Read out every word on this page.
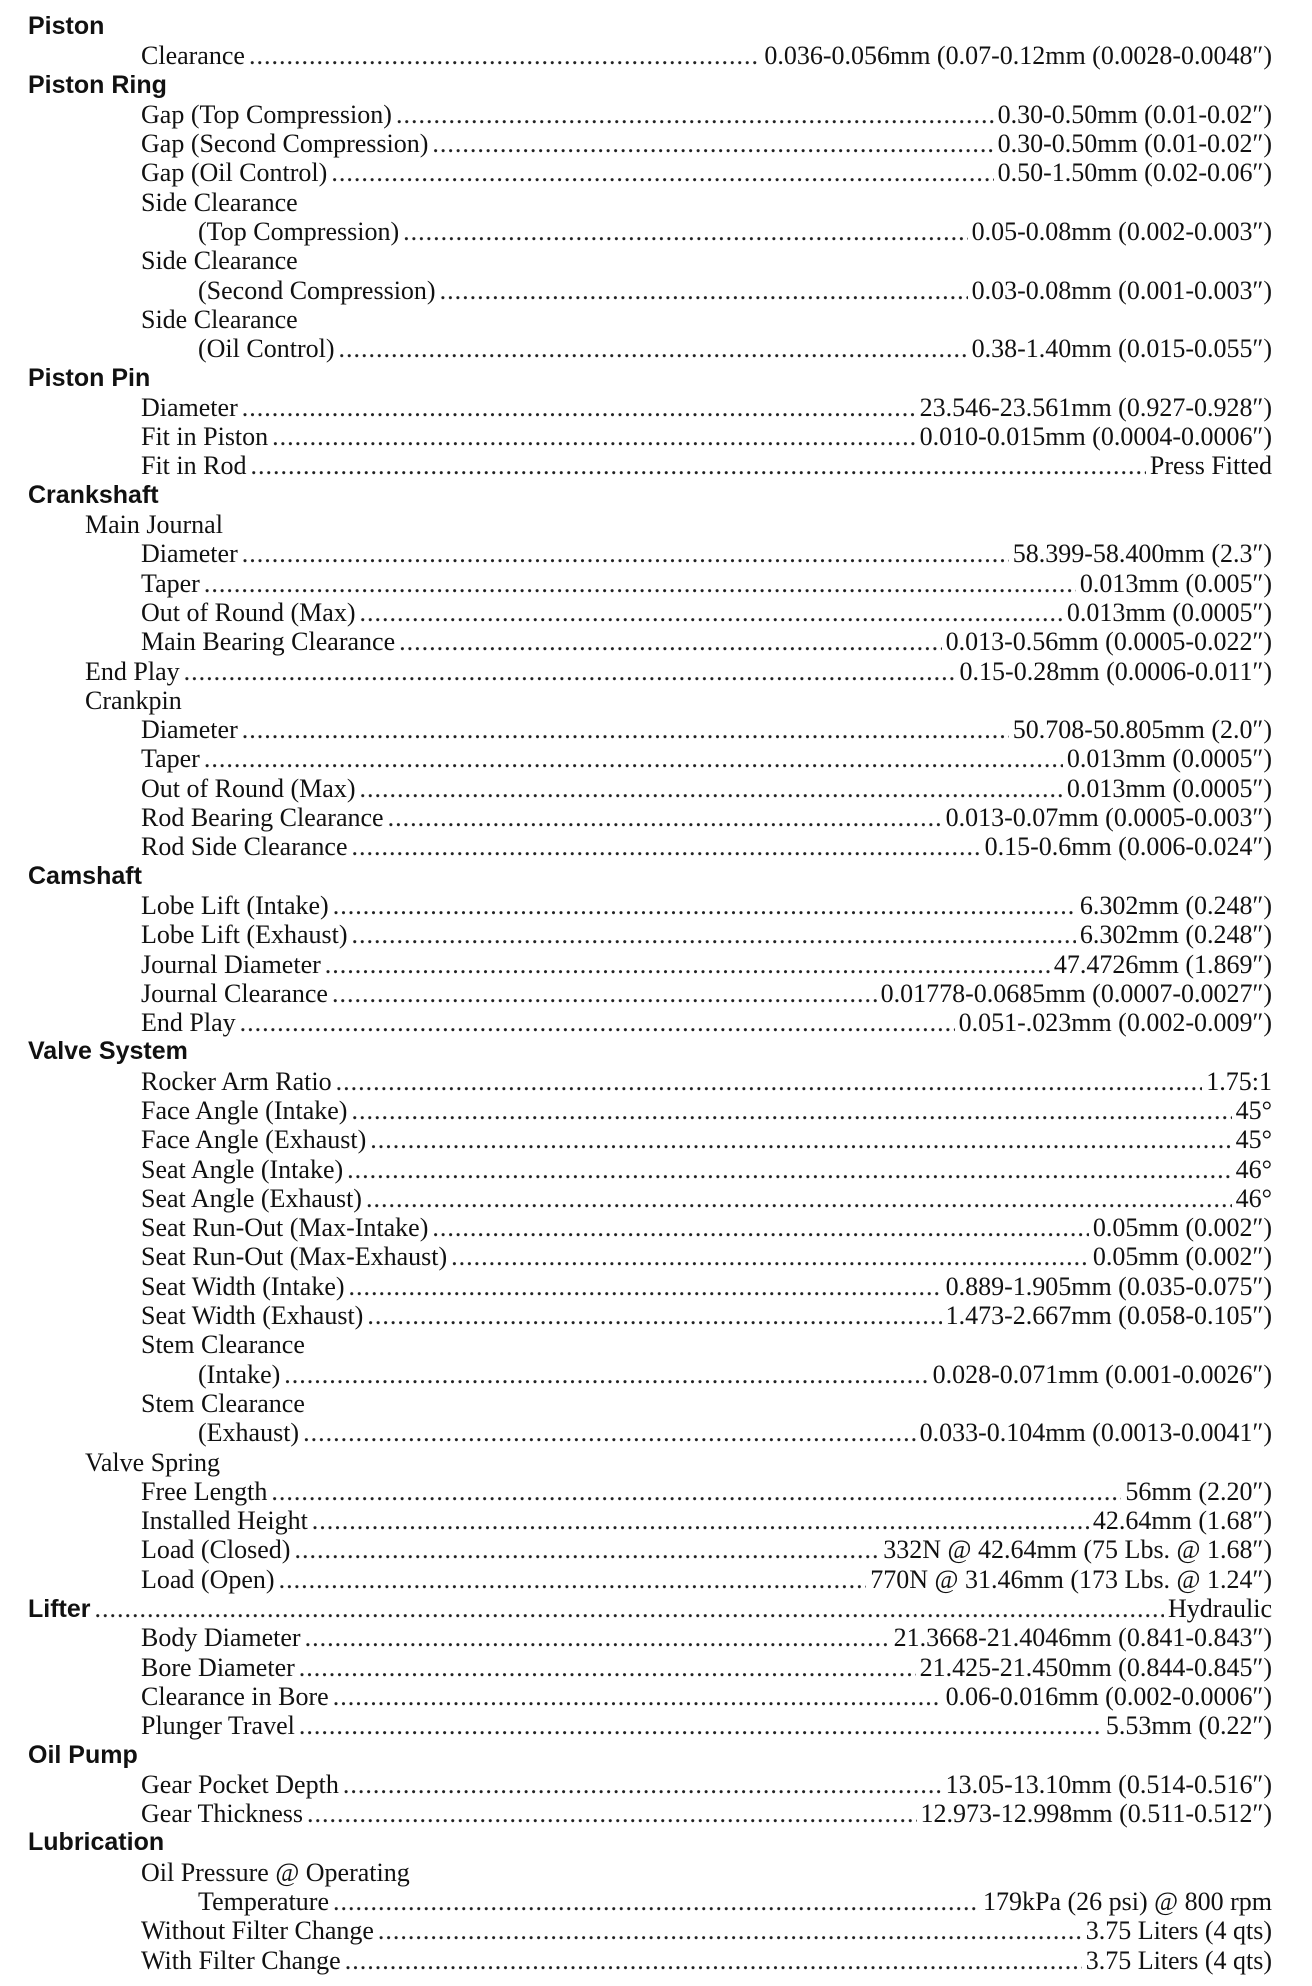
Piston
Clearance .....	0.036-0.056mm (0.07-0.12mm (0.0028-0.0048″)
Piston Ring
Gap (Top Compression) .....	0.30-0.50mm (0.01-0.02″)
Gap (Second Compression) .....	0.30-0.50mm (0.01-0.02″)
Gap (Oil Control) .....	0.50-1.50mm (0.02-0.06″)
Side Clearance
(Top Compression) .....	0.05-0.08mm (0.002-0.003″)
Side Clearance
(Second Compression) .....	0.03-0.08mm (0.001-0.003″)
Side Clearance
(Oil Control) .....	0.38-1.40mm (0.015-0.055″)
Piston Pin
Diameter .....	23.546-23.561mm (0.927-0.928″)
Fit in Piston .....	0.010-0.015mm (0.0004-0.0006″)
Fit in Rod .....	Press Fitted
Crankshaft
Main Journal
Diameter .....	58.399-58.400mm (2.3″)
Taper .....	0.013mm (0.005″)
Out of Round (Max) .....	0.013mm (0.0005″)
Main Bearing Clearance .....	0.013-0.56mm (0.0005-0.022″)
End Play .....	0.15-0.28mm (0.0006-0.011″)
Crankpin
Diameter .....	50.708-50.805mm (2.0″)
Taper .....	0.013mm (0.0005″)
Out of Round (Max) .....	0.013mm (0.0005″)
Rod Bearing Clearance .....	0.013-0.07mm (0.0005-0.003″)
Rod Side Clearance .....	0.15-0.6mm (0.006-0.024″)
Camshaft
Lobe Lift (Intake) .....	6.302mm (0.248″)
Lobe Lift (Exhaust) .....	6.302mm (0.248″)
Journal Diameter .....	47.4726mm (1.869″)
Journal Clearance .....	0.01778-0.0685mm (0.0007-0.0027″)
End Play .....	0.051-.023mm (0.002-0.009″)
Valve System
Rocker Arm Ratio .....	1.75:1
Face Angle (Intake) .....	45°
Face Angle (Exhaust) .....	45°
Seat Angle (Intake) .....	46°
Seat Angle (Exhaust) .....	46°
Seat Run-Out (Max-Intake) .....	0.05mm (0.002″)
Seat Run-Out (Max-Exhaust) .....	0.05mm (0.002″)
Seat Width (Intake) .....	0.889-1.905mm (0.035-0.075″)
Seat Width (Exhaust) .....	1.473-2.667mm (0.058-0.105″)
Stem Clearance
(Intake) .....	0.028-0.071mm (0.001-0.0026″)
Stem Clearance
(Exhaust) .....	0.033-0.104mm (0.0013-0.0041″)
Valve Spring
Free Length .....	56mm (2.20″)
Installed Height .....	42.64mm (1.68″)
Load (Closed) .....	332N @ 42.64mm (75 Lbs. @ 1.68″)
Load (Open) .....	770N @ 31.46mm (173 Lbs. @ 1.24″)
Lifter .....	Hydraulic
Body Diameter .....	21.3668-21.4046mm (0.841-0.843″)
Bore Diameter .....	21.425-21.450mm (0.844-0.845″)
Clearance in Bore .....	0.06-0.016mm (0.002-0.0006″)
Plunger Travel .....	5.53mm (0.22″)
Oil Pump
Gear Pocket Depth .....	13.05-13.10mm (0.514-0.516″)
Gear Thickness .....	12.973-12.998mm (0.511-0.512″)
Lubrication
Oil Pressure @ Operating
Temperature .....	179kPa (26 psi) @ 800 rpm
Without Filter Change .....	3.75 Liters (4 qts)
With Filter Change .....	3.75 Liters (4 qts)
